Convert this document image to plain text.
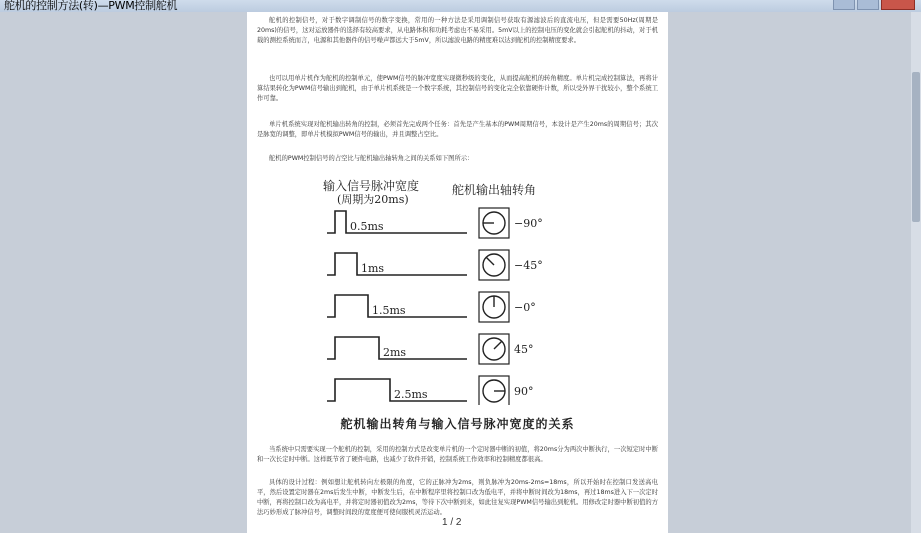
舵机的控制方法(转)—PWM控制舵机

舵机的控制信号，对于数字调制信号的数字变换，常用的一种方法是采用调制信号获取有源滤波后的直流电压，但是需要50Hz(周期是20ms)的信号，这对运放器件的选择有较高要求，从电路体积和功耗考虑也不易采用。5mV以上的控制电压的变化就会引起舵机的抖动，对于机载的测控系统而言，电源和其他器件的信号噪声都远大于5mV，所以滤波电路的精度难以达到舵机的控制精度要求。

也可以用单片机作为舵机的控制单元，使PWM信号的脉冲宽度实现微秒级的变化，从而提高舵机的转角精度。单片机完成控制算法，再将计算结果转化为PWM信号输出到舵机，由于单片机系统是一个数字系统，其控制信号的变化完全依靠硬件计数，所以受外界干扰较小，整个系统工作可靠。

单片机系统实现对舵机输出转角的控制，必须首先完成两个任务：首先是产生基本的PWM周期信号，本设计是产生20ms的周期信号；其次是脉宽的调整，即单片机模拟PWM信号的输出，并且调整占空比。

舵机的PWM控制信号的占空比与舵机输出轴转角之间的关系如下图所示：

输入信号脉冲宽度
(周期为20ms)
舵机输出轴转角
0.5ms	−90°
1ms	−45°
1.5ms	−0°
2ms	45°
2.5ms	90°
舵机输出转角与输入信号脉冲宽度的关系

当系统中只需要实现一个舵机的控制，采用的控制方式是改变单片机的一个定时器中断的初值，将20ms分为两次中断执行，一次短定时中断和一次长定时中断。这样既节省了硬件电路，也减少了软件开销，控制系统工作效率和控制精度都很高。

具体的设计过程：例如想让舵机转向左极限的角度，它的正脉冲为2ms，则负脉冲为20ms-2ms=18ms，所以开始时在控制口发送高电平，然后设置定时器在2ms后发生中断，中断发生后，在中断程序里将控制口改为低电平，并将中断时间改为18ms，再过18ms进入下一次定时中断，再将控制口改为高电平，并将定时器初值改为2ms，等待下次中断到来，如此往复实现PWM信号输出到舵机。用修改定时器中断初值的方法巧妙形成了脉冲信号，调整时间段的宽度便可使伺服机灵活运动。

1 / 2
